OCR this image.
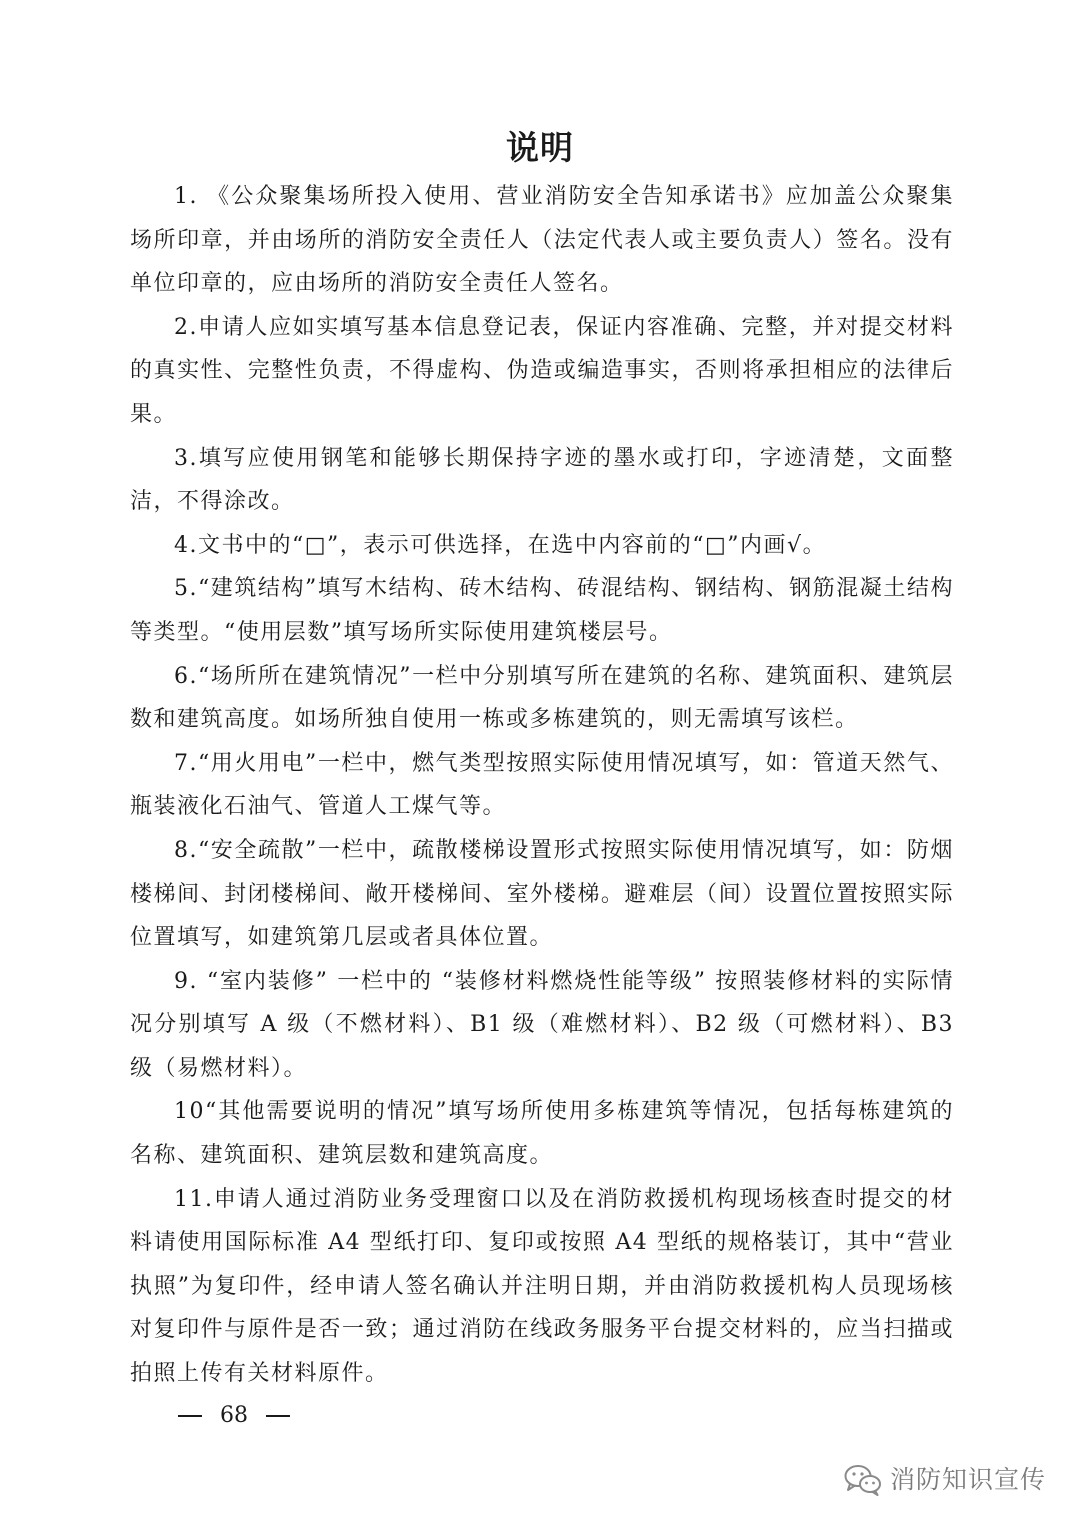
说明

1. 《公众聚集场所投入使用、营业消防安全告知承诺书》应加盖公众聚集场所印章，并由场所的消防安全责任人（法定代表人或主要负责人）签名。没有单位印章的，应由场所的消防安全责任人签名。

2.申请人应如实填写基本信息登记表，保证内容准确、完整，并对提交材料的真实性、完整性负责，不得虚构、伪造或编造事实，否则将承担相应的法律后果。

3.填写应使用钢笔和能够长期保持字迹的墨水或打印，字迹清楚，文面整洁，不得涂改。

4.文书中的“□”，表示可供选择，在选中内容前的“□”内画√。

5.“建筑结构”填写木结构、砖木结构、砖混结构、钢结构、钢筋混凝土结构等类型。“使用层数”填写场所实际使用建筑楼层号。

6.“场所所在建筑情况”一栏中分别填写所在建筑的名称、建筑面积、建筑层数和建筑高度。如场所独自使用一栋或多栋建筑的，则无需填写该栏。

7.“用火用电”一栏中，燃气类型按照实际使用情况填写，如：管道天然气、瓶装液化石油气、管道人工煤气等。

8.“安全疏散”一栏中，疏散楼梯设置形式按照实际使用情况填写，如：防烟楼梯间、封闭楼梯间、敞开楼梯间、室外楼梯。避难层（间）设置位置按照实际位置填写，如建筑第几层或者具体位置。

9. “室内装修” 一栏中的 “装修材料燃烧性能等级” 按照装修材料的实际情况分别填写 A 级（不燃材料）、B1 级（难燃材料）、B2 级（可燃材料）、B3 级（易燃材料）。

10“其他需要说明的情况”填写场所使用多栋建筑等情况，包括每栋建筑的名称、建筑面积、建筑层数和建筑高度。

11.申请人通过消防业务受理窗口以及在消防救援机构现场核查时提交的材料请使用国际标准 A4 型纸打印、复印或按照 A4 型纸的规格装订，其中“营业执照”为复印件，经申请人签名确认并注明日期，并由消防救援机构人员现场核对复印件与原件是否一致；通过消防在线政务服务平台提交材料的，应当扫描或拍照上传有关材料原件。

68
消防知识宣传
